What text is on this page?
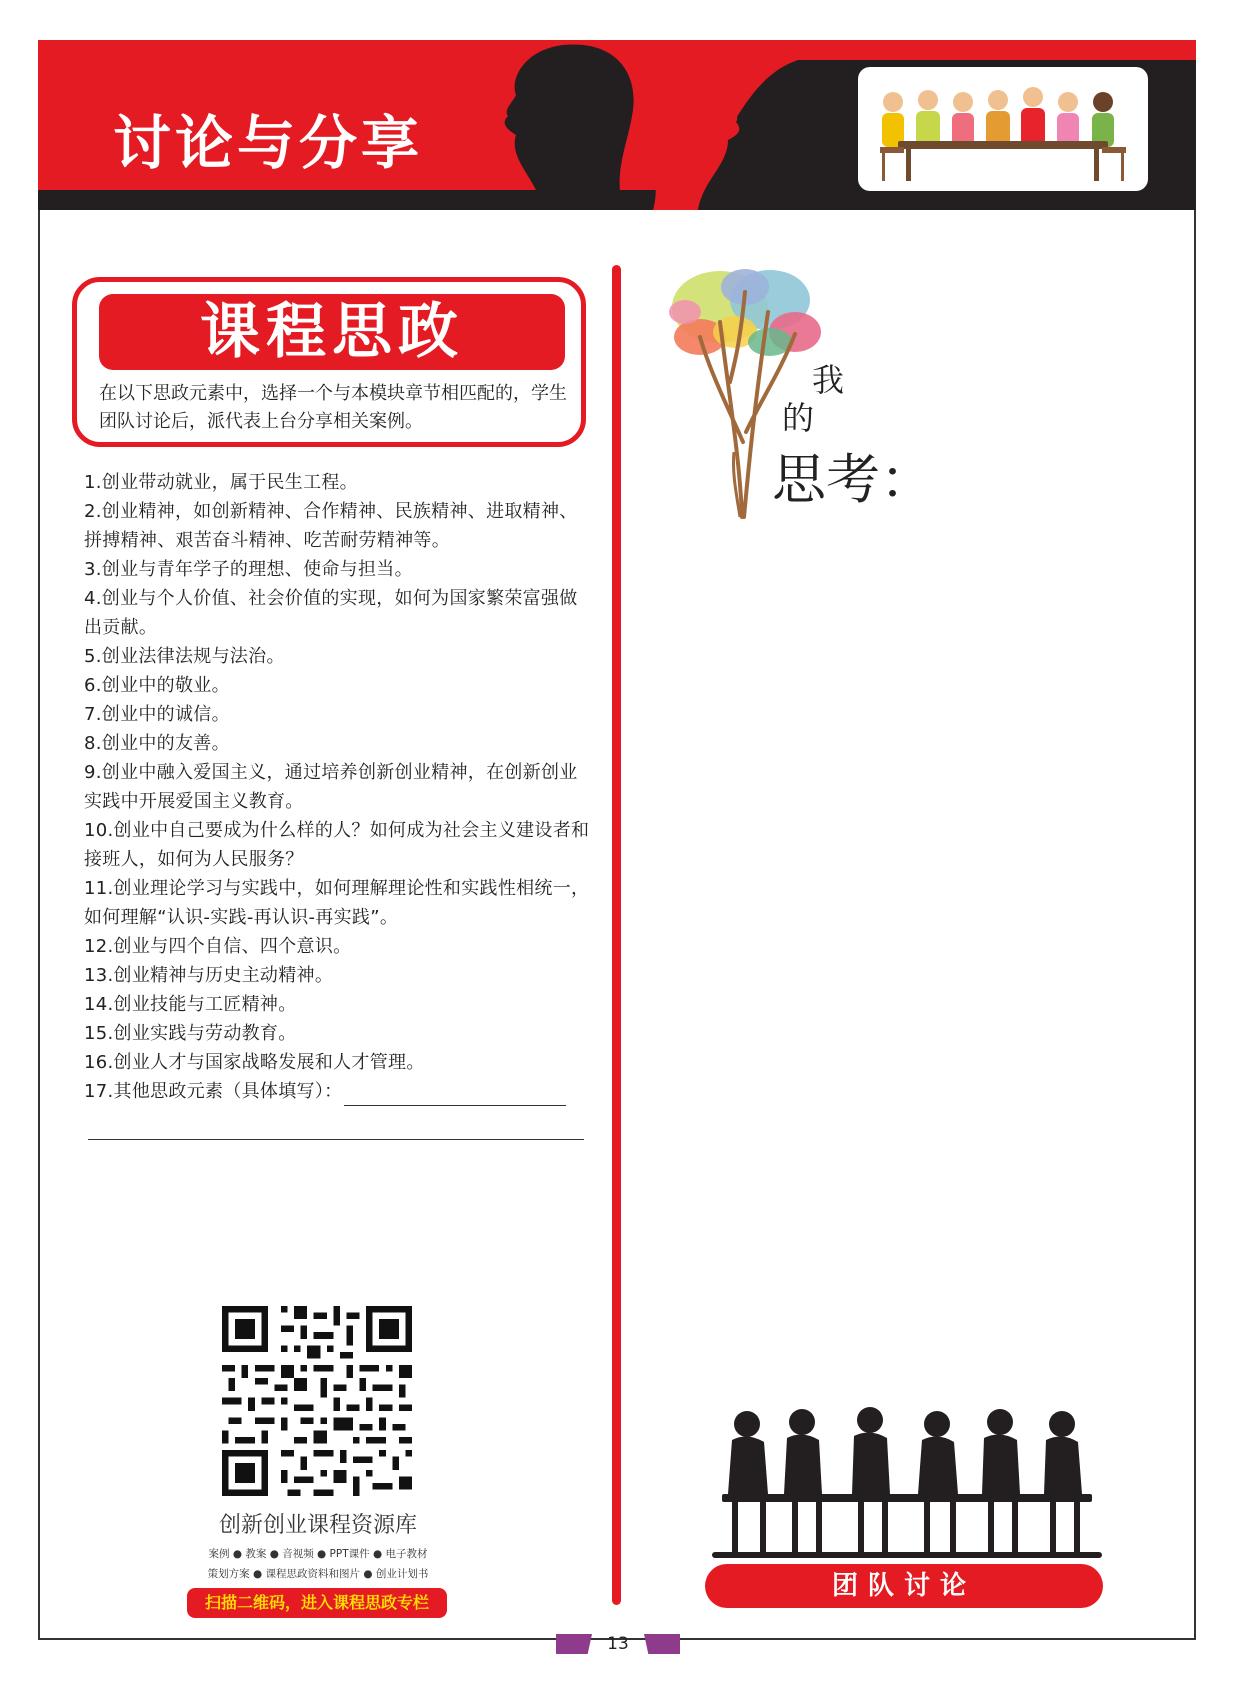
讨论与分享
课程思政
在以下思政元素中，选择一个与本模块章节相匹配的，学生团队讨论后，派代表上台分享相关案例。
1.创业带动就业，属于民生工程。
2.创业精神，如创新精神、合作精神、民族精神、进取精神、拼搏精神、艰苦奋斗精神、吃苦耐劳精神等。
3.创业与青年学子的理想、使命与担当。
4.创业与个人价值、社会价值的实现，如何为国家繁荣富强做出贡献。
5.创业法律法规与法治。
6.创业中的敬业。
7.创业中的诚信。
8.创业中的友善。
9.创业中融入爱国主义，通过培养创新创业精神，在创新创业实践中开展爱国主义教育。
10.创业中自己要成为什么样的人？如何成为社会主义建设者和接班人，如何为人民服务？
11.创业理论学习与实践中，如何理解理论性和实践性相统一，如何理解“认识-实践-再认识-再实践”。
12.创业与四个自信、四个意识。
13.创业精神与历史主动精神。
14.创业技能与工匠精神。
15.创业实践与劳动教育。
16.创业人才与国家战略发展和人才管理。
17.其他思政元素（具体填写）：
创新创业课程资源库
案例 ● 教案 ● 音视频 ● PPT课件 ● 电子教材
策划方案 ● 课程思政资料和图片 ● 创业计划书
扫描二维码，进入课程思政专栏
我
的
思考：
团队讨论
13
